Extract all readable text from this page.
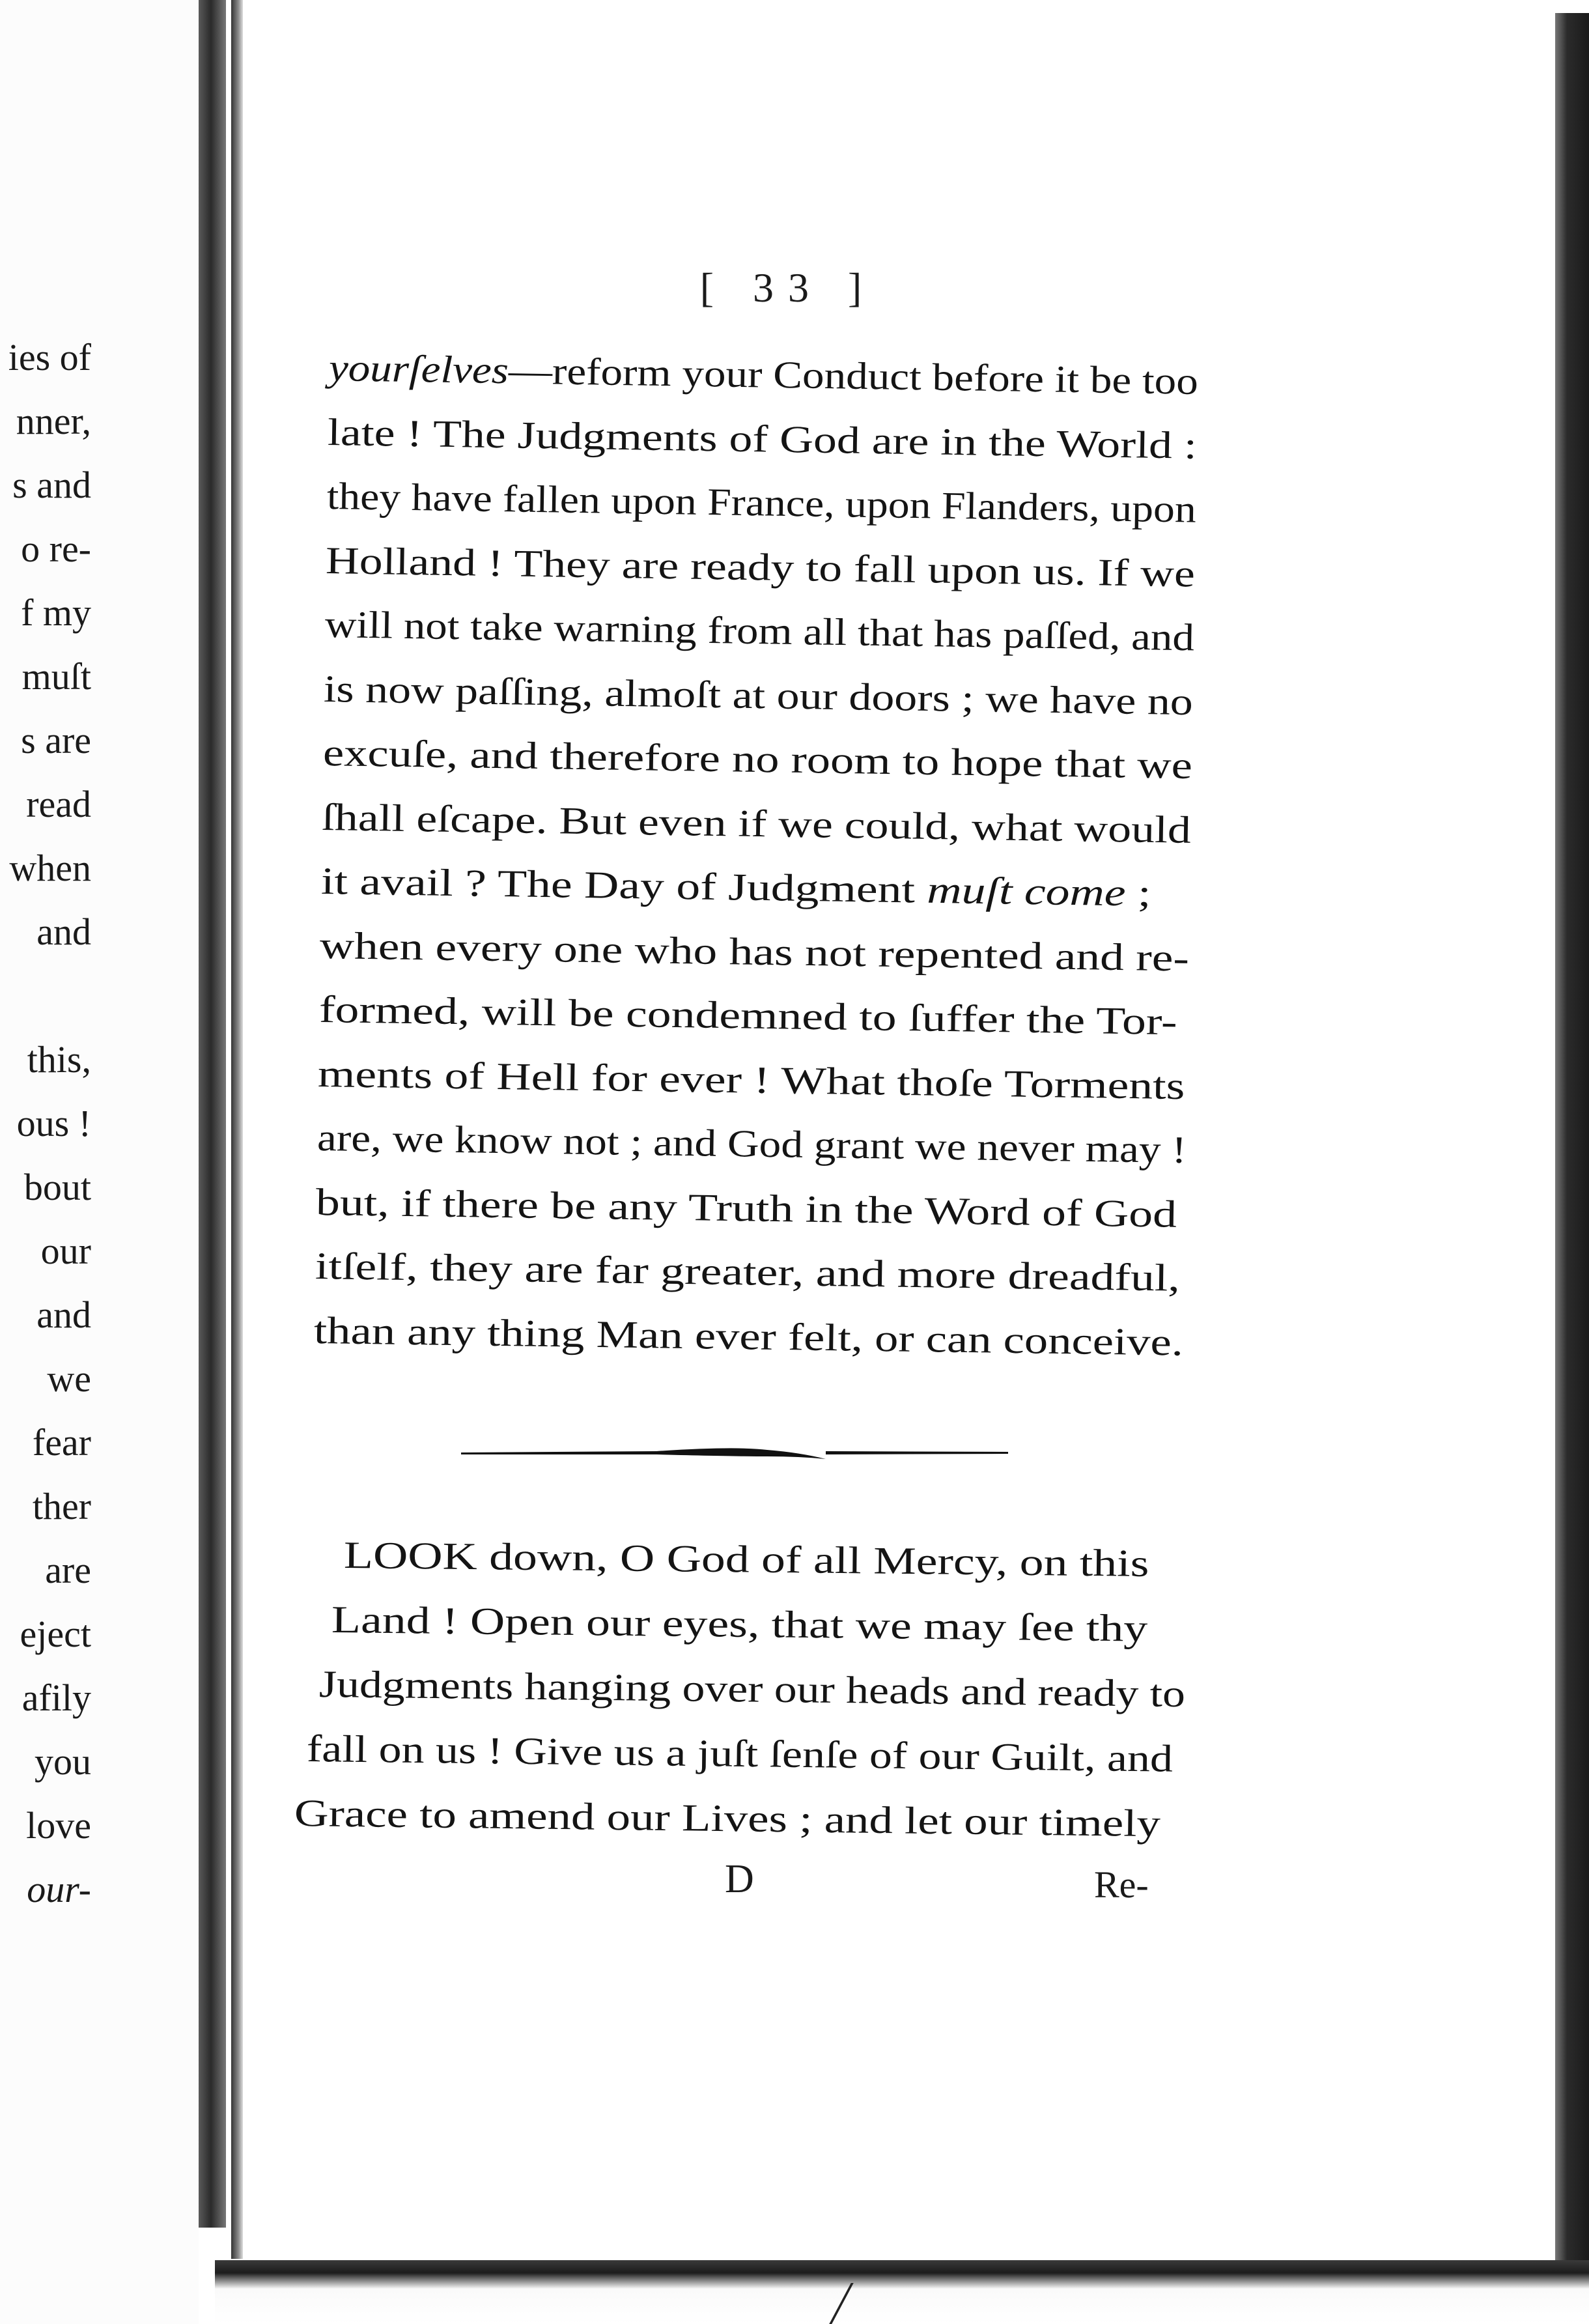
[ 33 ]
ies of
nner,
s and
o re-
f my
muſt
s are
read
when
and
this,
ous !
bout
our
and
we
fear
ther
are
eject
afily
you
love
our-
yourſelves—reform your Conduct before it be too
late ! The Judgments of God are in the World :
they have fallen upon France, upon Flanders, upon
Holland ! They are ready to fall upon us. If we
will not take warning from all that has paſſed, and
is now paſſing, almoſt at our doors ; we have no
excuſe, and therefore no room to hope that we
ſhall eſcape. But even if we could, what would
it avail ? The Day of Judgment muſt come ;
when every one who has not repented and re-
formed, will be condemned to ſuffer the Tor-
ments of Hell for ever ! What thoſe Torments
are, we know not ; and God grant we never may !
but, if there be any Truth in the Word of God
itſelf, they are far greater, and more dreadful,
than any thing Man ever felt, or can conceive.
LOOK down, O God of all Mercy, on this
Land ! Open our eyes, that we may ſee thy
Judgments hanging over our heads and ready to
fall on us ! Give us a juſt ſenſe of our Guilt, and
Grace to amend our Lives ; and let our timely
D	Re-
